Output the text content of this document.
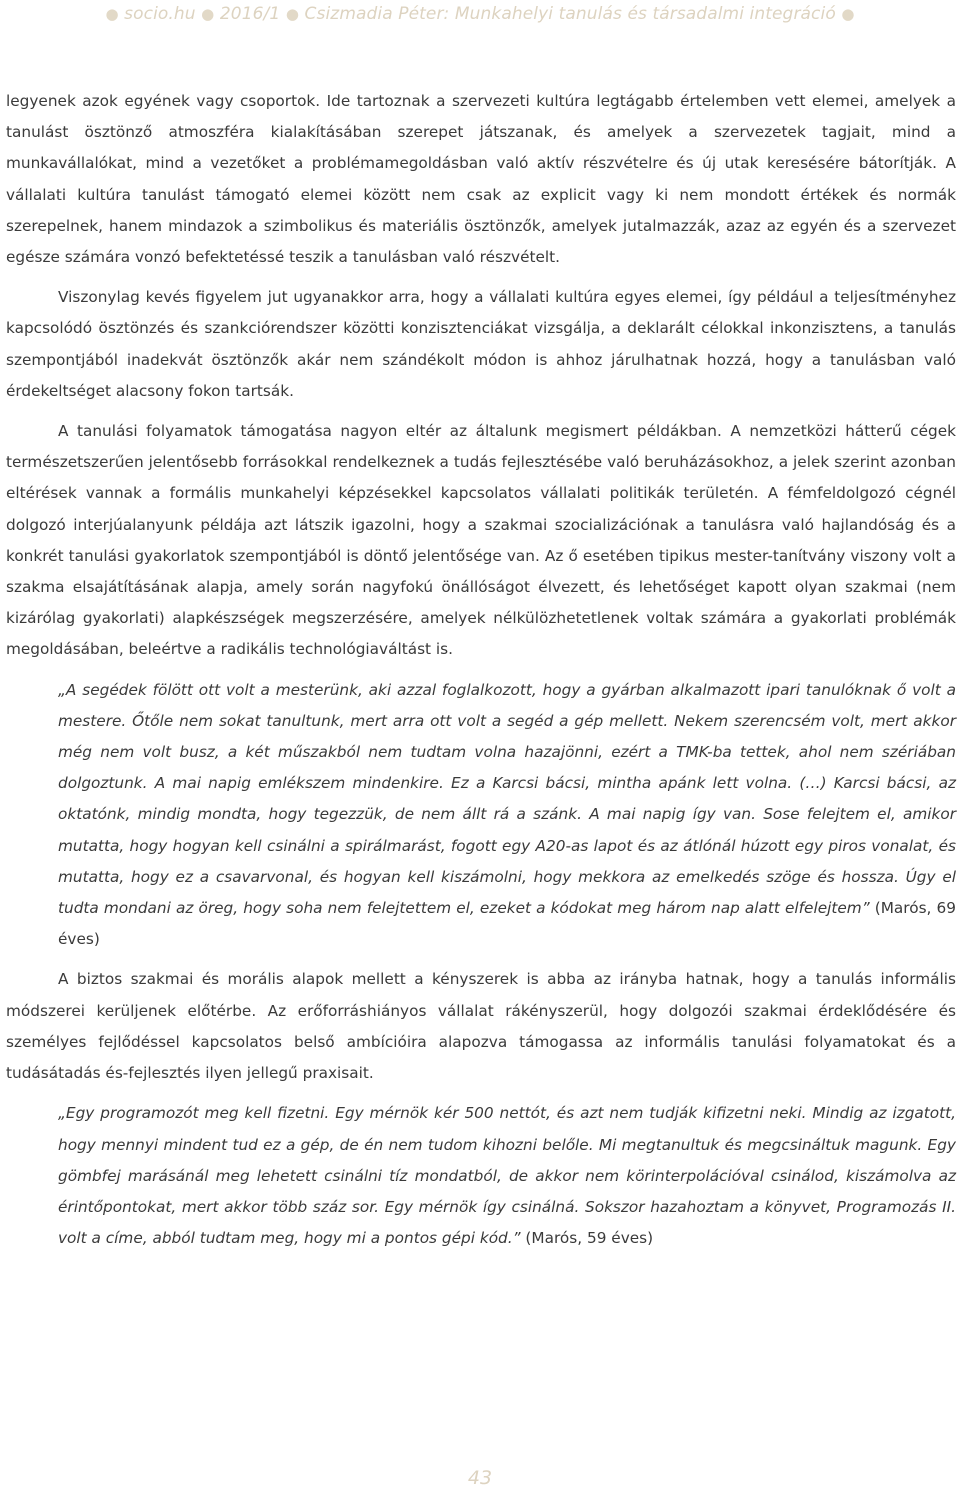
● socio.hu ● 2016/1 ● Csizmadia Péter: Munkahelyi tanulás és társadalmi integráció ●

legyenek azok egyének vagy csoportok. Ide tartoznak a szervezeti kultúra legtágabb értelemben vett elemei, amelyek a tanulást ösztönző atmoszféra kialakításában szerepet játszanak, és amelyek a szervezetek tagjait, mind a munkavállalókat, mind a vezetőket a problémamegoldásban való aktív részvételre és új utak keresésére bátorítják. A vállalati kultúra tanulást támogató elemei között nem csak az explicit vagy ki nem mondott értékek és normák szerepelnek, hanem mindazok a szimbolikus és materiális ösztönzők, amelyek jutalmazzák, azaz az egyén és a szervezet egésze számára vonzó befektetéssé teszik a tanulásban való részvételt.

Viszonylag kevés figyelem jut ugyanakkor arra, hogy a vállalati kultúra egyes elemei, így például a teljesítményhez kapcsolódó ösztönzés és szankciórendszer közötti konzisztenciákat vizsgálja, a deklarált célokkal inkonzisztens, a tanulás szempontjából inadekvát ösztönzők akár nem szándékolt módon is ahhoz járulhatnak hozzá, hogy a tanulásban való érdekeltséget alacsony fokon tartsák.

A tanulási folyamatok támogatása nagyon eltér az általunk megismert példákban. A nemzetközi hátterű cégek természetszerűen jelentősebb forrásokkal rendelkeznek a tudás fejlesztésébe való beruházásokhoz, a jelek szerint azonban eltérések vannak a formális munkahelyi képzésekkel kapcsolatos vállalati politikák területén. A fémfeldolgozó cégnél dolgozó interjúalanyunk példája azt látszik igazolni, hogy a szakmai szocializációnak a tanulásra való hajlandóság és a konkrét tanulási gyakorlatok szempontjából is döntő jelentősége van. Az ő esetében tipikus mester-tanítvány viszony volt a szakma elsajátításának alapja, amely során nagyfokú önállóságot élvezett, és lehetőséget kapott olyan szakmai (nem kizárólag gyakorlati) alapkészségek megszerzésére, amelyek nélkülözhetetlenek voltak számára a gyakorlati problémák megoldásában, beleértve a radikális technológiaváltást is.

„A segédek fölött ott volt a mesterünk, aki azzal foglalkozott, hogy a gyárban alkalmazott ipari tanulóknak ő volt a mestere. Őtőle nem sokat tanultunk, mert arra ott volt a segéd a gép mellett. Nekem szerencsém volt, mert akkor még nem volt busz, a két műszakból nem tudtam volna hazajönni, ezért a TMK-ba tettek, ahol nem szériában dolgoztunk. A mai napig emlékszem mindenkire. Ez a Karcsi bácsi, mintha apánk lett volna. (…) Karcsi bácsi, az oktatónk, mindig mondta, hogy tegezzük, de nem állt rá a szánk. A mai napig így van. Sose felejtem el, amikor mutatta, hogy hogyan kell csinálni a spirálmarást, fogott egy A20-as lapot és az átlónál húzott egy piros vonalat, és mutatta, hogy ez a csavarvonal, és hogyan kell kiszámolni, hogy mekkora az emelkedés szöge és hossza. Úgy el tudta mondani az öreg, hogy soha nem felejtettem el, ezeket a kódokat meg három nap alatt elfelejtem” (Marós, 69 éves)

A biztos szakmai és morális alapok mellett a kényszerek is abba az irányba hatnak, hogy a tanulás informális módszerei kerüljenek előtérbe. Az erőforráshiányos vállalat rákényszerül, hogy dolgozói szakmai érdeklődésére és személyes fejlődéssel kapcsolatos belső ambícióira alapozva támogassa az informális tanulási folyamatokat és a tudásátadás és-fejlesztés ilyen jellegű praxisait.

„Egy programozót meg kell fizetni. Egy mérnök kér 500 nettót, és azt nem tudják kifizetni neki. Mindig az izgatott, hogy mennyi mindent tud ez a gép, de én nem tudom kihozni belőle. Mi megtanultuk és megcsináltuk magunk. Egy gömbfej marásánál meg lehetett csinálni tíz mondatból, de akkor nem körinterpolációval csinálod, kiszámolva az érintőpontokat, mert akkor több száz sor. Egy mérnök így csinálná. Sokszor hazahoztam a könyvet, Programozás II. volt a címe, abból tudtam meg, hogy mi a pontos gépi kód.” (Marós, 59 éves)
43
